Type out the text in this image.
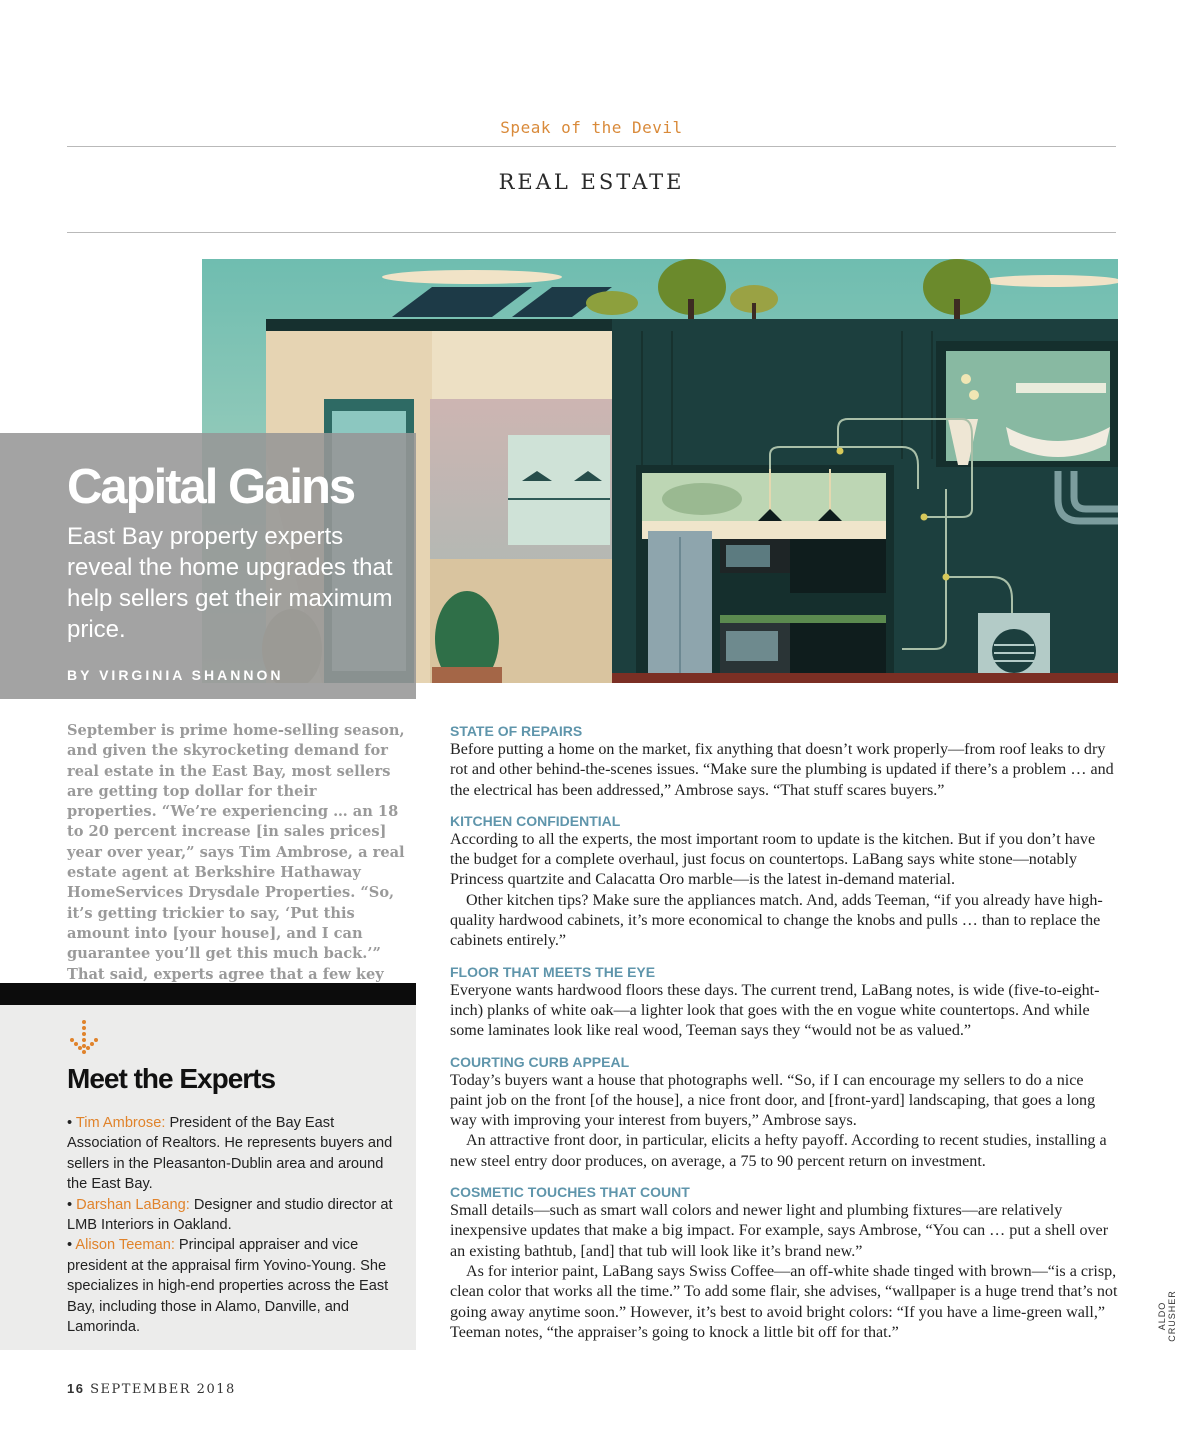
Speak of the Devil
REAL ESTATE
Capital Gains
East Bay property experts reveal the home upgrades that help sellers get their maximum price.
BY VIRGINIA SHANNON
September is prime home-selling season, and given the skyrocketing demand for real estate in the East Bay, most sellers are getting top dollar for their properties. “We’re experiencing … an 18 to 20 percent increase [in sales prices] year over year,” says Tim Ambrose, a real estate agent at Berkshire Hathaway HomeServices Drysdale Properties. “So, it’s getting trickier to say, ‘Put this amount into [your house], and I can guarantee you’ll get this much back.’” That said, experts agree that a few key
Meet the Experts
• Tim Ambrose: President of the Bay East Association of Realtors. He represents buyers and sellers in the Pleasanton-Dublin area and around the East Bay.
• Darshan LaBang: Designer and studio director at LMB Interiors in Oakland.
• Alison Teeman: Principal appraiser and vice president at the appraisal firm Yovino-Young. She specializes in high-end properties across the East Bay, including those in Alamo, Danville, and Lamorinda.
STATE OF REPAIRS
Before putting a home on the market, fix anything that doesn’t work properly—from roof leaks to dry rot and other behind-the-scenes issues. “Make sure the plumbing is updated if there’s a problem … and the electrical has been addressed,” Ambrose says. “That stuff scares buyers.”
KITCHEN CONFIDENTIAL
According to all the experts, the most important room to update is the kitchen. But if you don’t have the budget for a complete overhaul, just focus on countertops. LaBang says white stone—notably Princess quartzite and Calacatta Oro marble—is the latest in-demand material.
Other kitchen tips? Make sure the appliances match. And, adds Teeman, “if you already have high-quality hardwood cabinets, it’s more economical to change the knobs and pulls … than to replace the cabinets entirely.”
FLOOR THAT MEETS THE EYE
Everyone wants hardwood floors these days. The current trend, LaBang notes, is wide (five-to-eight-inch) planks of white oak—a lighter look that goes with the en vogue white countertops. And while some laminates look like real wood, Teeman says they “would not be as valued.”
COURTING CURB APPEAL
Today’s buyers want a house that photographs well. “So, if I can encourage my sellers to do a nice paint job on the front [of the house], a nice front door, and [front-yard] landscaping, that goes a long way with improving your interest from buyers,” Ambrose says.
An attractive front door, in particular, elicits a hefty payoff. According to recent studies, installing a new steel entry door produces, on average, a 75 to 90 percent return on investment.
COSMETIC TOUCHES THAT COUNT
Small details—such as smart wall colors and newer light and plumbing fixtures—are relatively inexpensive updates that make a big impact. For example, says Ambrose, “You can … put a shell over an existing bathtub, [and] that tub will look like it’s brand new.”
As for interior paint, LaBang says Swiss Coffee—an off-white shade tinged with brown—“is a crisp, clean color that works all the time.” To add some flair, she advises, “wallpaper is a huge trend that’s not going away anytime soon.” However, it’s best to avoid bright colors: “If you have a lime-green wall,” Teeman notes, “the appraiser’s going to knock a little bit off for that.”
ALDO CRUSHER
16 SEPTEMBER 2018
